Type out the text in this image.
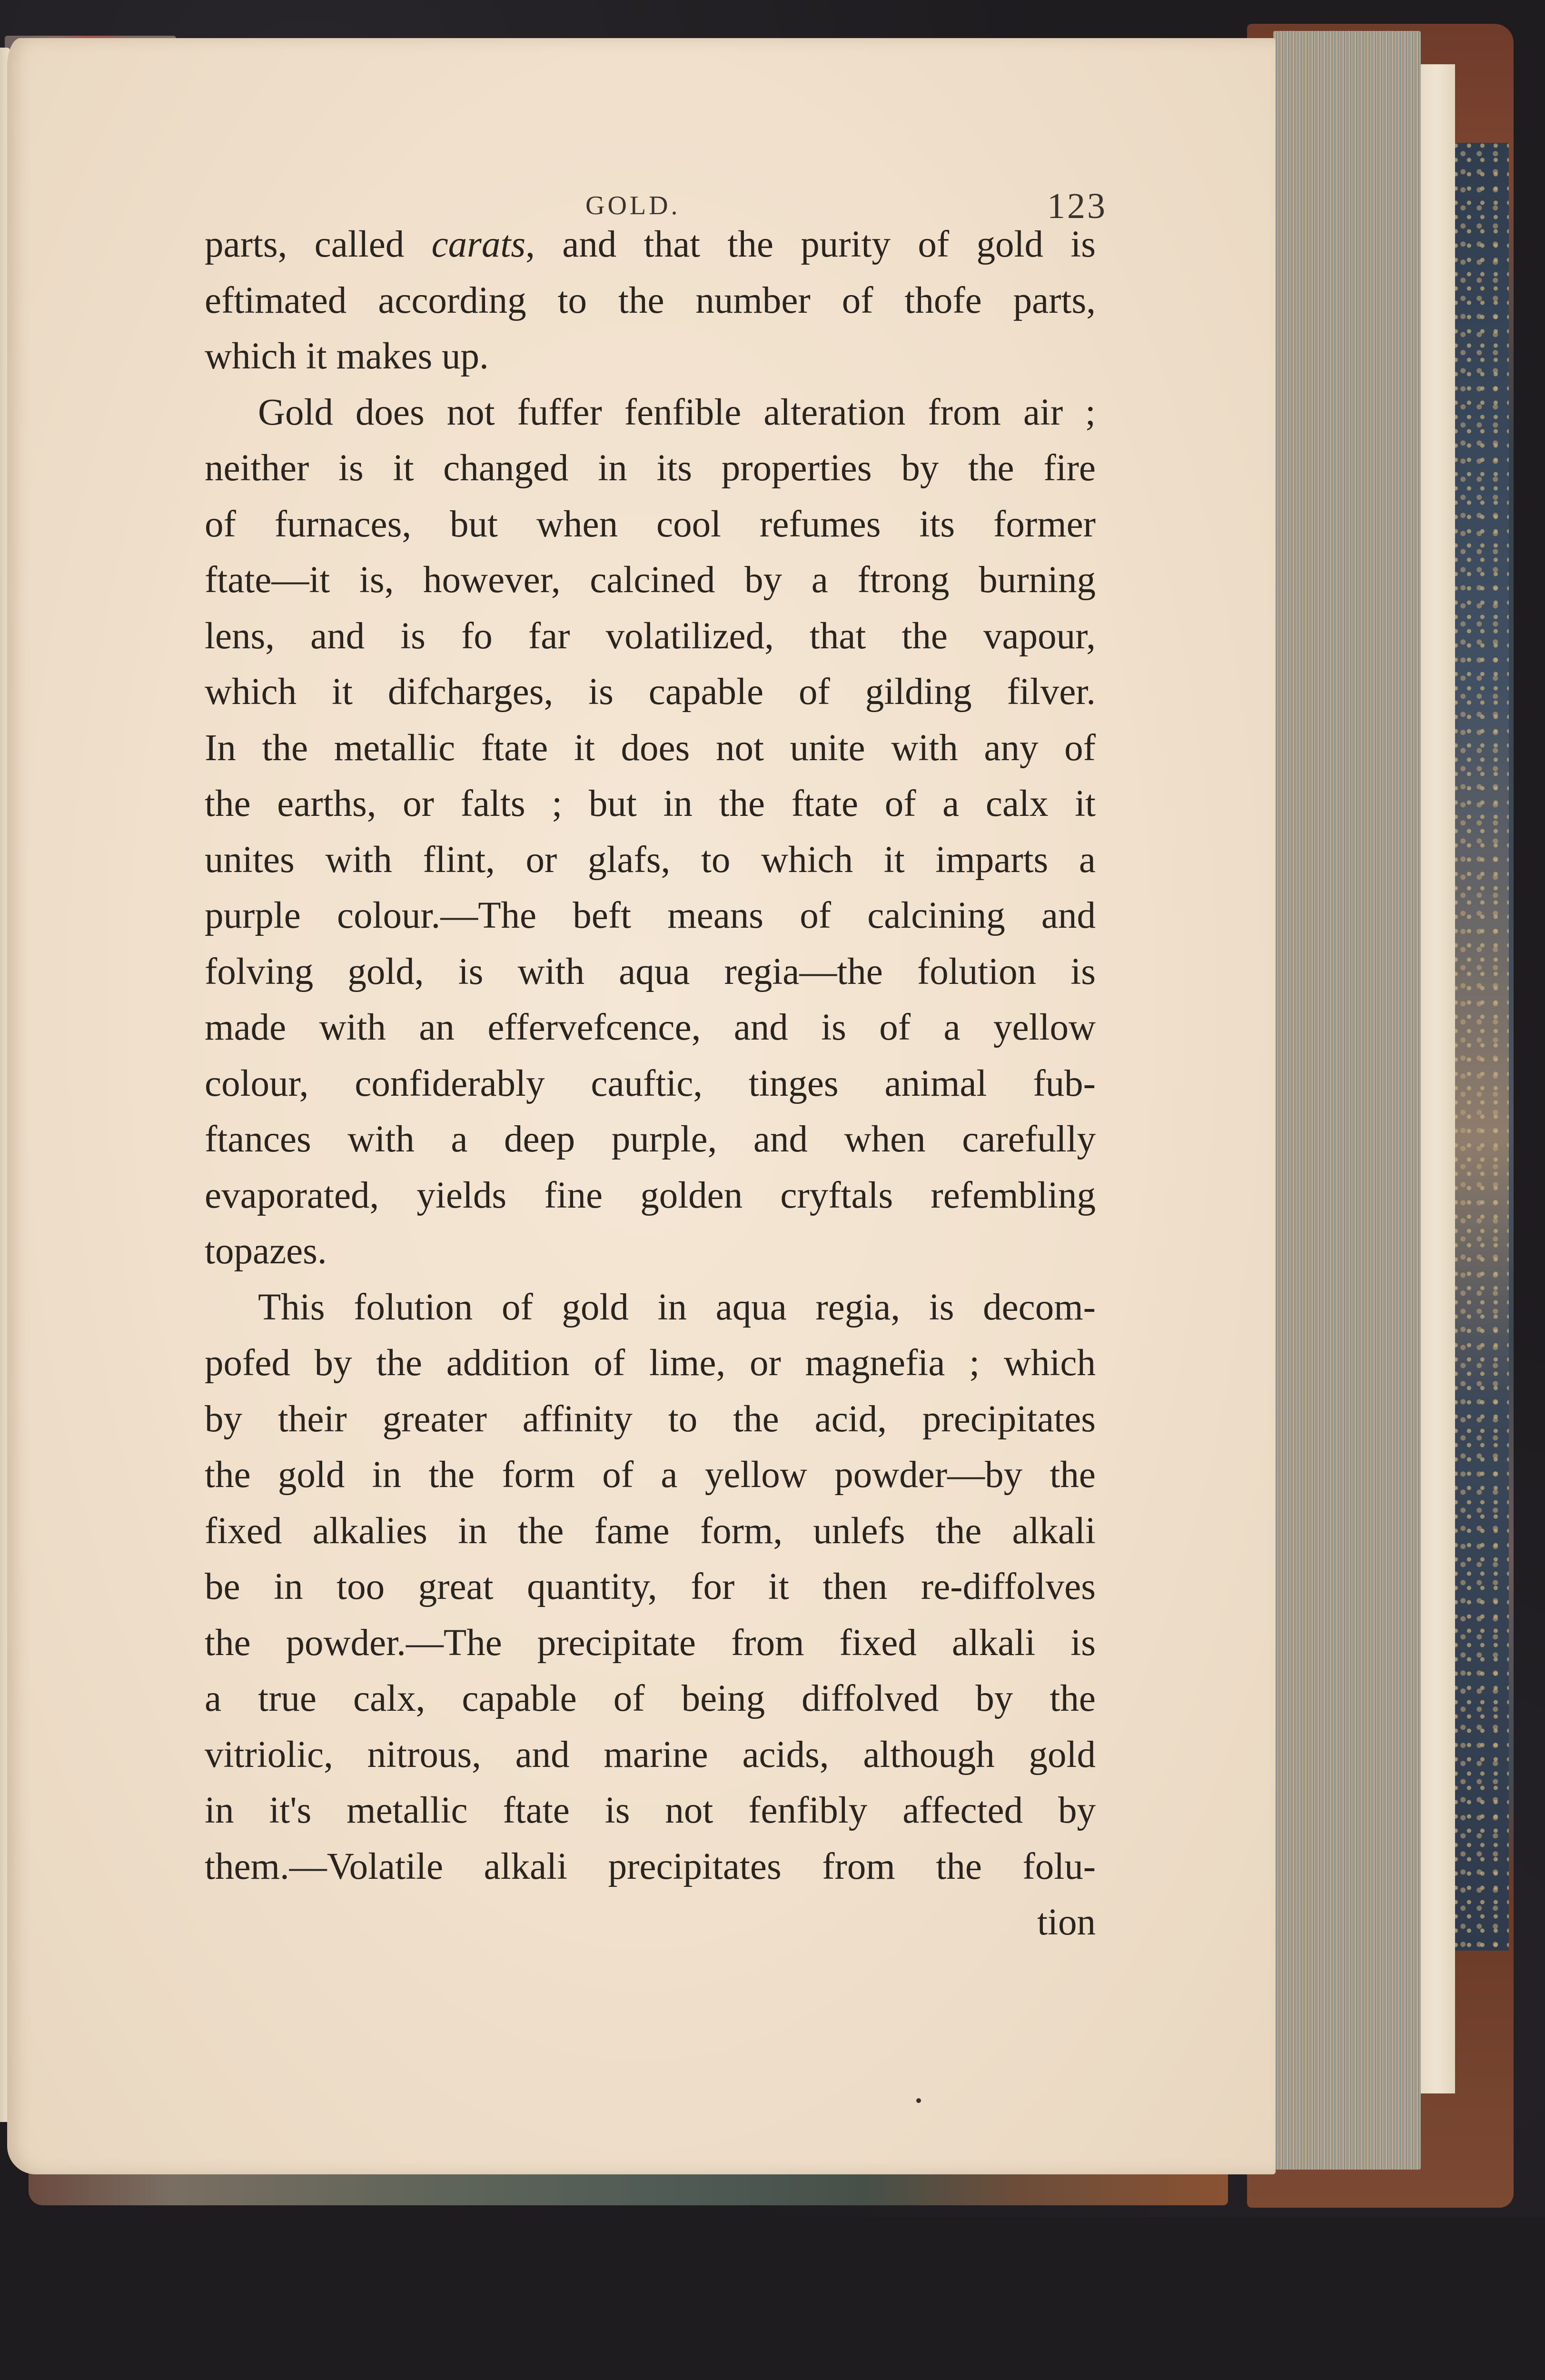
GOLD.	123
parts, called carats, and that the purity of gold is
eftimated according to the number of thofe parts,
which it makes up.
Gold does not fuffer fenfible alteration from air ;
neither is it changed in its properties by the fire
of furnaces, but when cool refumes its former
ftate—it is, however, calcined by a ftrong burning
lens, and is fo far volatilized, that the vapour,
which it difcharges, is capable of gilding filver.
In the metallic ftate it does not unite with any of
the earths, or falts ; but in the ftate of a calx it
unites with flint, or glafs, to which it imparts a
purple colour.—The beft means of calcining and
folving gold, is with aqua regia—the folution is
made with an effervefcence, and is of a yellow
colour, confiderably cauftic, tinges animal fub-
ftances with a deep purple, and when carefully
evaporated, yields fine golden cryftals refembling
topazes.
This folution of gold in aqua regia, is decom-
pofed by the addition of lime, or magnefia ; which
by their greater affinity to the acid, precipitates
the gold in the form of a yellow powder—by the
fixed alkalies in the fame form, unlefs the alkali
be in too great quantity, for it then re-diffolves
the powder.—The precipitate from fixed alkali is
a true calx, capable of being diffolved by the
vitriolic, nitrous, and marine acids, although gold
in it's metallic ftate is not fenfibly affected by
them.—Volatile alkali precipitates from the folu-
tion
